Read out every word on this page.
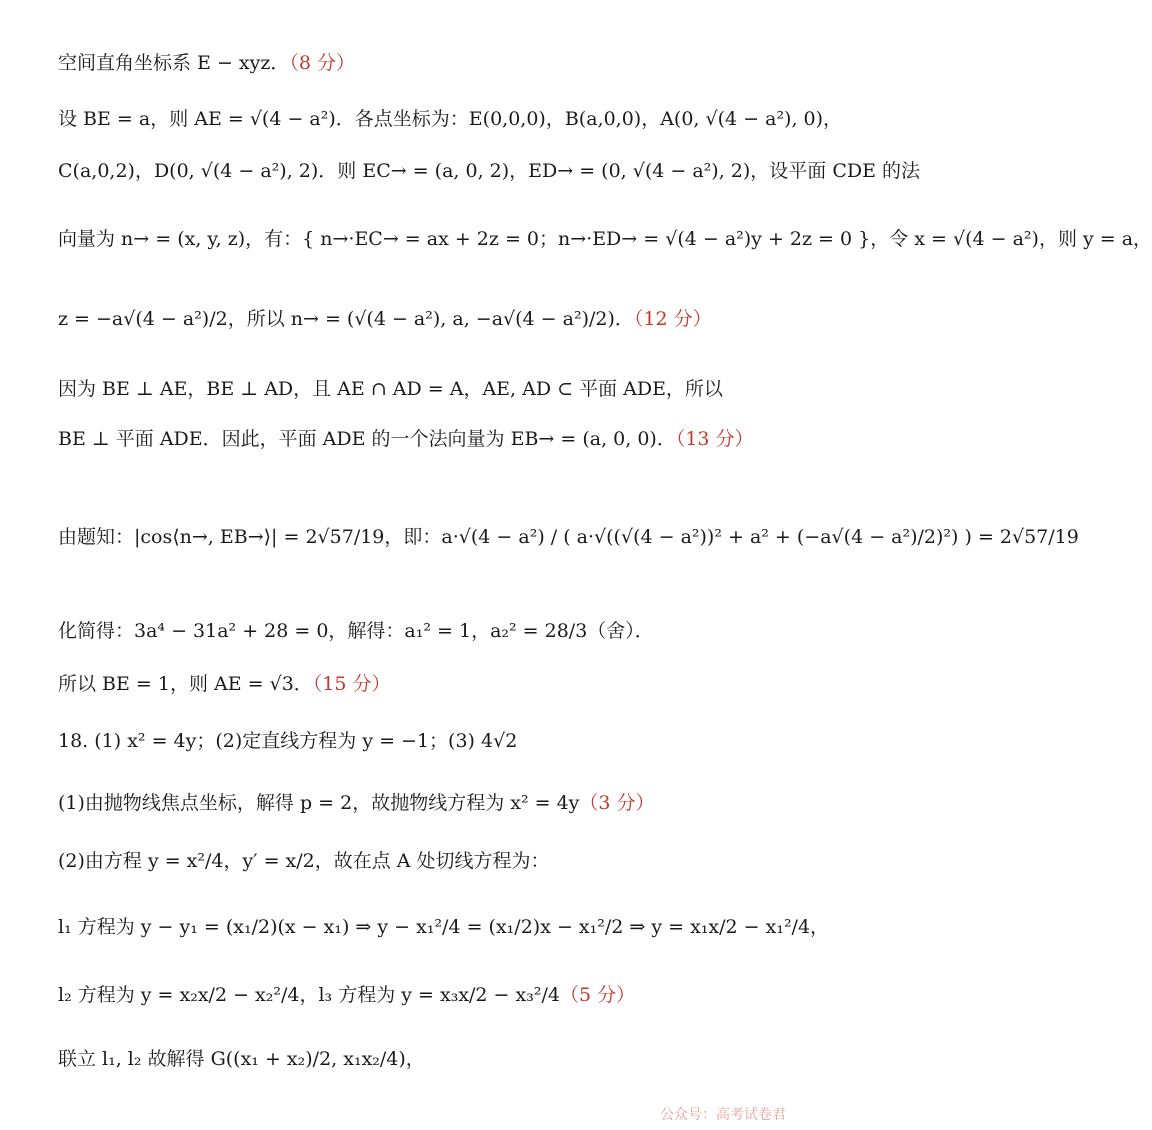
空间直角坐标系 E − xyz．（8 分）
设 BE = a，则 AE = √(4 − a²)．各点坐标为：E(0,0,0)，B(a,0,0)，A(0, √(4 − a²), 0)，
C(a,0,2)，D(0, √(4 − a²), 2)．则 EC→ = (a, 0, 2)，ED→ = (0, √(4 − a²), 2)，设平面 CDE 的法
向量为 n→ = (x, y, z)，有：{ n→·EC→ = ax + 2z = 0；n→·ED→ = √(4 − a²)y + 2z = 0 }，令 x = √(4 − a²)，则 y = a，
z = −a√(4 − a²)/2，所以 n→ = (√(4 − a²), a, −a√(4 − a²)/2)．（12 分）
因为 BE ⊥ AE，BE ⊥ AD，且 AE ∩ AD = A，AE, AD ⊂ 平面 ADE，所以
BE ⊥ 平面 ADE．因此，平面 ADE 的一个法向量为 EB→ = (a, 0, 0)．（13 分）
由题知：|cos⟨n→, EB→⟩| = 2√57/19，即：a·√(4 − a²) / ( a·√((√(4 − a²))² + a² + (−a√(4 − a²)/2)²) ) = 2√57/19
化简得：3a⁴ − 31a² + 28 = 0，解得：a₁² = 1，a₂² = 28/3（舍）．
所以 BE = 1，则 AE = √3．（15 分）
18. (1) x² = 4y；(2)定直线方程为 y = −1；(3) 4√2
(1)由抛物线焦点坐标，解得 p = 2，故抛物线方程为 x² = 4y（3 分）
(2)由方程 y = x²/4，y′ = x/2，故在点 A 处切线方程为：
l₁ 方程为 y − y₁ = (x₁/2)(x − x₁) ⇒ y − x₁²/4 = (x₁/2)x − x₁²/2 ⇒ y = x₁x/2 − x₁²/4，
l₂ 方程为 y = x₂x/2 − x₂²/4，l₃ 方程为 y = x₃x/2 − x₃²/4（5 分）
联立 l₁, l₂ 故解得 G((x₁ + x₂)/2, x₁x₂/4)，
公众号：高考试卷君
